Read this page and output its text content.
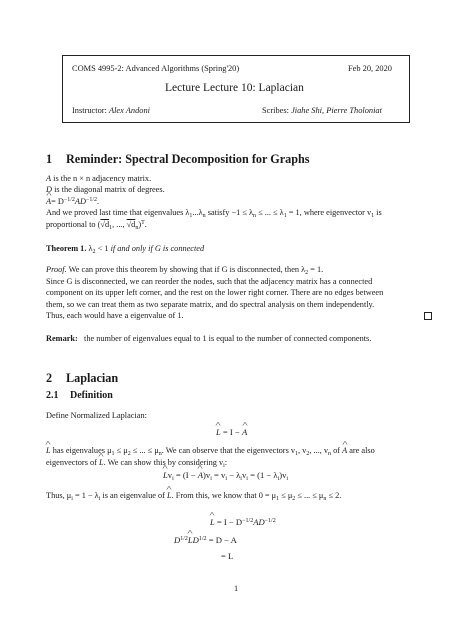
COMS 4995-2: Advanced Algorithms (Spring'20)	Feb 20, 2020
Lecture Lecture 10: Laplacian
Instructor: Alex Andoni	Scribes: Jiahe Shi, Pierre Tholoniat
1 Reminder: Spectral Decomposition for Graphs
A is the n × n adjacency matrix.
D is the diagonal matrix of degrees.
^ $A= D^{-1/2}AD^{-1/2}$.
And we proved last time that eigenvalues $\lambda_1...\lambda_n$ satisfy $-1 \le \lambda_n$ ≤ ... ≤ $\lambda_1 = 1$, where eigenvector $v_1$ is
proportional to ($√d_1$, ..., $√d_n)^T$.
Theorem 1. $\lambda_2 < 1$ if and only if G is connected
Proof. We can prove this theorem by showing that if G is disconnected, then $\lambda_2 = 1$.
Since G is disconnected, we can reorder the nodes, such that the adjacency matrix has a connected
component on its upper left corner, and the rest on the lower right corner. There are no edges between
them, so we can treat them as two separate matrix, and do spectral analysis on them independently.
Thus, each would have a eigenvalue of 1.
Remark: the number of eigenvalues equal to 1 is equal to the number of connected components.
2 Laplacian
2.1 Definition
Define Normalized Laplacian:
^ L = I − ^ A
^ L has eigenvalues $\mu_1 \le \mu_2$ ≤ ... ≤ $\mu_n$. We can observe that the eigenvectors $v_1$, $v_2$, ..., $v_n$ of ^ A are also
eigenvectors of ^ L. We can show this by considering $v_i$:
^ $Lv_i = (I$ − ^ $A)v_i = v_i - \lambda_iv_i = (1 - \lambda_i)v_i$
Thus, $\mu_i = 1 - \lambda_i$ is an eigenvalue of ^ L. From this, we know that $0 = \mu_1 \le \mu_2$ ≤ ... ≤ $\mu_n \le 2$.
^ $L = I - D^{-1/2}AD^{-1/2}$
$D^{1/2}\^{}$ $LD^{1/2} = D - A$
= L
1
